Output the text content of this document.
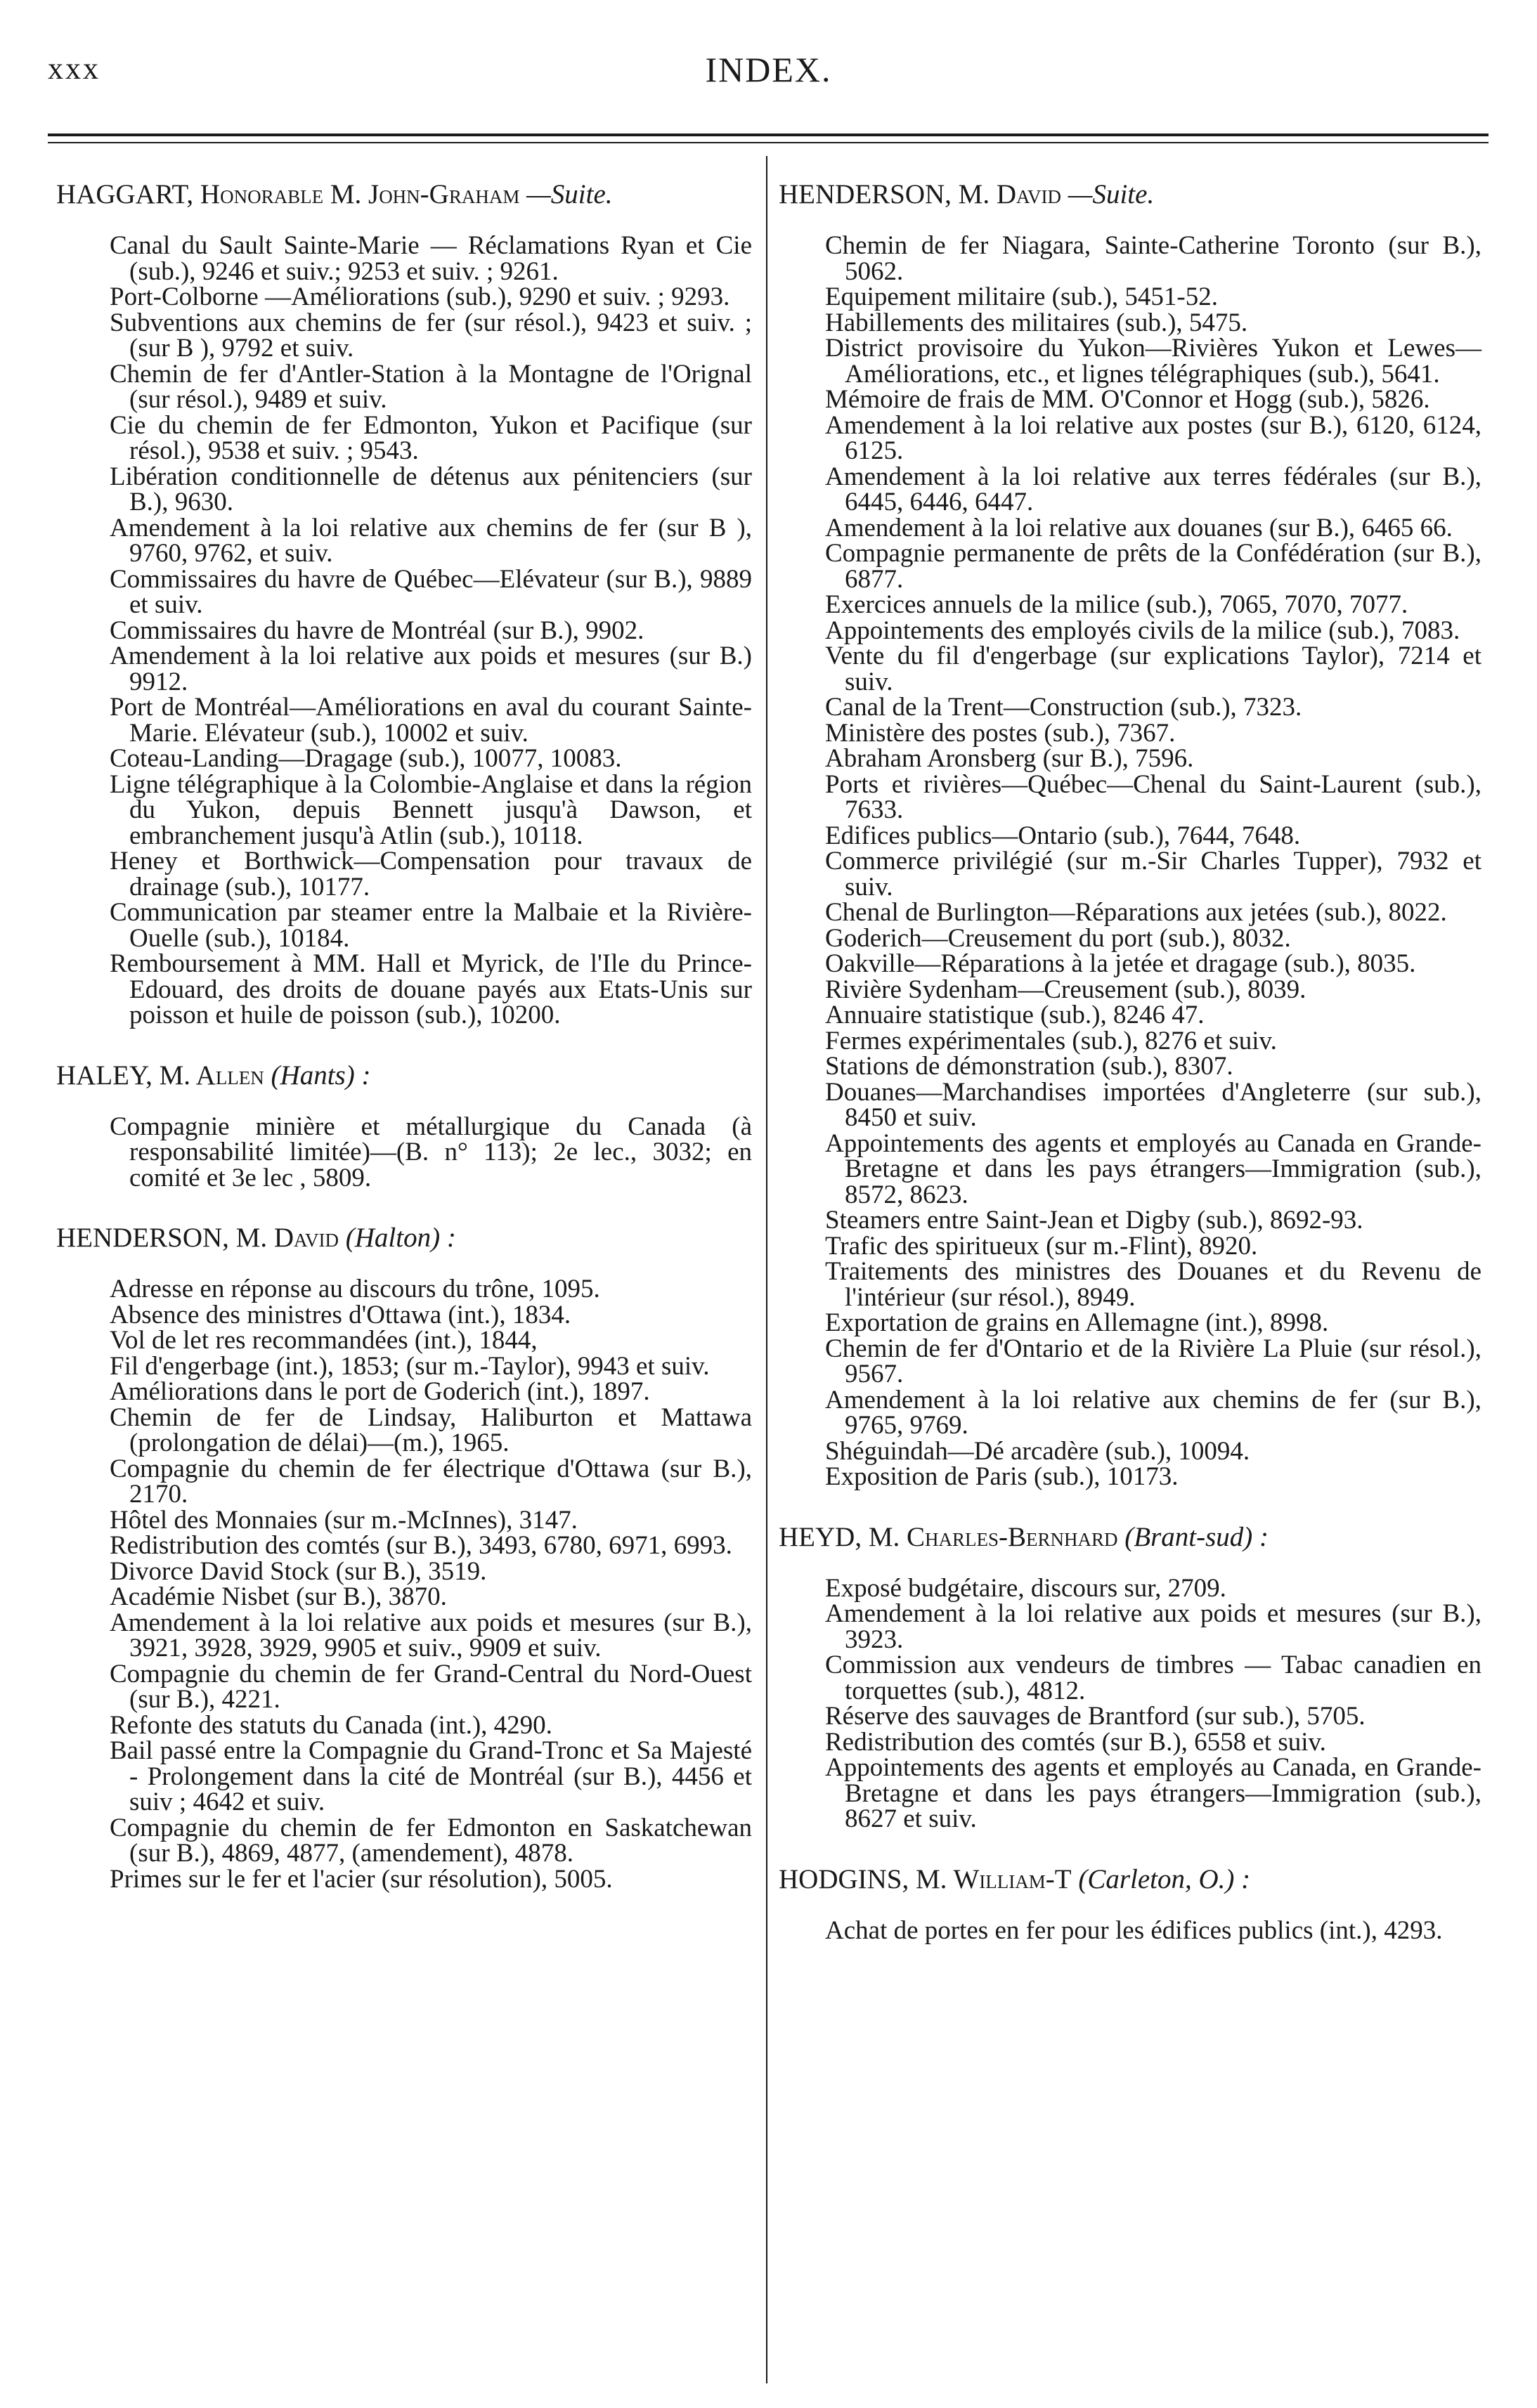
xxx	INDEX.
HAGGART, Honorable M. John-Graham —Suite.
Canal du Sault Sainte-Marie — Réclamations Ryan et Cie (sub.), 9246 et suiv.; 9253 et suiv. ; 9261.
Port-Colborne —Améliorations (sub.), 9290 et suiv. ; 9293.
Subventions aux chemins de fer (sur résol.), 9423 et suiv. ; (sur B ), 9792 et suiv.
Chemin de fer d'Antler-Station à la Montagne de l'Orignal (sur résol.), 9489 et suiv.
Cie du chemin de fer Edmonton, Yukon et Pacifique (sur résol.), 9538 et suiv. ; 9543.
Libération conditionnelle de détenus aux pénitenciers (sur B.), 9630.
Amendement à la loi relative aux chemins de fer (sur B ), 9760, 9762, et suiv.
Commissaires du havre de Québec—Elévateur (sur B.), 9889 et suiv.
Commissaires du havre de Montréal (sur B.), 9902.
Amendement à la loi relative aux poids et mesures (sur B.) 9912.
Port de Montréal—Améliorations en aval du courant Sainte-Marie. Elévateur (sub.), 10002 et suiv.
Coteau-Landing—Dragage (sub.), 10077, 10083.
Ligne télégraphique à la Colombie-Anglaise et dans la région du Yukon, depuis Bennett jusqu'à Dawson, et embranchement jusqu'à Atlin (sub.), 10118.
Heney et Borthwick—Compensation pour travaux de drainage (sub.), 10177.
Communication par steamer entre la Malbaie et la Rivière-Ouelle (sub.), 10184.
Remboursement à MM. Hall et Myrick, de l'Ile du Prince-Edouard, des droits de douane payés aux Etats-Unis sur poisson et huile de poisson (sub.), 10200.
HALEY, M. Allen (Hants) :
Compagnie minière et métallurgique du Canada (à responsabilité limitée)—(B. n° 113); 2e lec., 3032; en comité et 3e lec , 5809.
HENDERSON, M. David (Halton) :
Adresse en réponse au discours du trône, 1095.
Absence des ministres d'Ottawa (int.), 1834.
Vol de let res recommandées (int.), 1844,
Fil d'engerbage (int.), 1853; (sur m.-Taylor), 9943 et suiv.
Améliorations dans le port de Goderich (int.), 1897.
Chemin de fer de Lindsay, Haliburton et Mattawa (prolongation de délai)—(m.), 1965.
Compagnie du chemin de fer électrique d'Ottawa (sur B.), 2170.
Hôtel des Monnaies (sur m.-McInnes), 3147.
Redistribution des comtés (sur B.), 3493, 6780, 6971, 6993.
Divorce David Stock (sur B.), 3519.
Académie Nisbet (sur B.), 3870.
Amendement à la loi relative aux poids et mesures (sur B.), 3921, 3928, 3929, 9905 et suiv., 9909 et suiv.
Compagnie du chemin de fer Grand-Central du Nord-Ouest (sur B.), 4221.
Refonte des statuts du Canada (int.), 4290.
Bail passé entre la Compagnie du Grand-Tronc et Sa Majesté - Prolongement dans la cité de Montréal (sur B.), 4456 et suiv ; 4642 et suiv.
Compagnie du chemin de fer Edmonton en Saskatchewan (sur B.), 4869, 4877, (amendement), 4878.
Primes sur le fer et l'acier (sur résolution), 5005.
HENDERSON, M. David —Suite.
Chemin de fer Niagara, Sainte-Catherine Toronto (sur B.), 5062.
Equipement militaire (sub.), 5451-52.
Habillements des militaires (sub.), 5475.
District provisoire du Yukon—Rivières Yukon et Lewes—Améliorations, etc., et lignes télégraphiques (sub.), 5641.
Mémoire de frais de MM. O'Connor et Hogg (sub.), 5826.
Amendement à la loi relative aux postes (sur B.), 6120, 6124, 6125.
Amendement à la loi relative aux terres fédérales (sur B.), 6445, 6446, 6447.
Amendement à la loi relative aux douanes (sur B.), 6465 66.
Compagnie permanente de prêts de la Confédération (sur B.), 6877.
Exercices annuels de la milice (sub.), 7065, 7070, 7077.
Appointements des employés civils de la milice (sub.), 7083.
Vente du fil d'engerbage (sur explications Taylor), 7214 et suiv.
Canal de la Trent—Construction (sub.), 7323.
Ministère des postes (sub.), 7367.
Abraham Aronsberg (sur B.), 7596.
Ports et rivières—Québec—Chenal du Saint-Laurent (sub.), 7633.
Edifices publics—Ontario (sub.), 7644, 7648.
Commerce privilégié (sur m.-Sir Charles Tupper), 7932 et suiv.
Chenal de Burlington—Réparations aux jetées (sub.), 8022.
Goderich—Creusement du port (sub.), 8032.
Oakville—Réparations à la jetée et dragage (sub.), 8035.
Rivière Sydenham—Creusement (sub.), 8039.
Annuaire statistique (sub.), 8246 47.
Fermes expérimentales (sub.), 8276 et suiv.
Stations de démonstration (sub.), 8307.
Douanes—Marchandises importées d'Angleterre (sur sub.), 8450 et suiv.
Appointements des agents et employés au Canada en Grande-Bretagne et dans les pays étrangers—Immigration (sub.), 8572, 8623.
Steamers entre Saint-Jean et Digby (sub.), 8692-93.
Trafic des spiritueux (sur m.-Flint), 8920.
Traitements des ministres des Douanes et du Revenu de l'intérieur (sur résol.), 8949.
Exportation de grains en Allemagne (int.), 8998.
Chemin de fer d'Ontario et de la Rivière La Pluie (sur résol.), 9567.
Amendement à la loi relative aux chemins de fer (sur B.), 9765, 9769.
Shéguindah—Dé arcadère (sub.), 10094.
Exposition de Paris (sub.), 10173.
HEYD, M. Charles-Bernhard (Brant-sud) :
Exposé budgétaire, discours sur, 2709.
Amendement à la loi relative aux poids et mesures (sur B.), 3923.
Commission aux vendeurs de timbres — Tabac canadien en torquettes (sub.), 4812.
Réserve des sauvages de Brantford (sur sub.), 5705.
Redistribution des comtés (sur B.), 6558 et suiv.
Appointements des agents et employés au Canada, en Grande-Bretagne et dans les pays étrangers—Immigration (sub.), 8627 et suiv.
HODGINS, M. William-T (Carleton, O.) :
Achat de portes en fer pour les édifices publics (int.), 4293.
